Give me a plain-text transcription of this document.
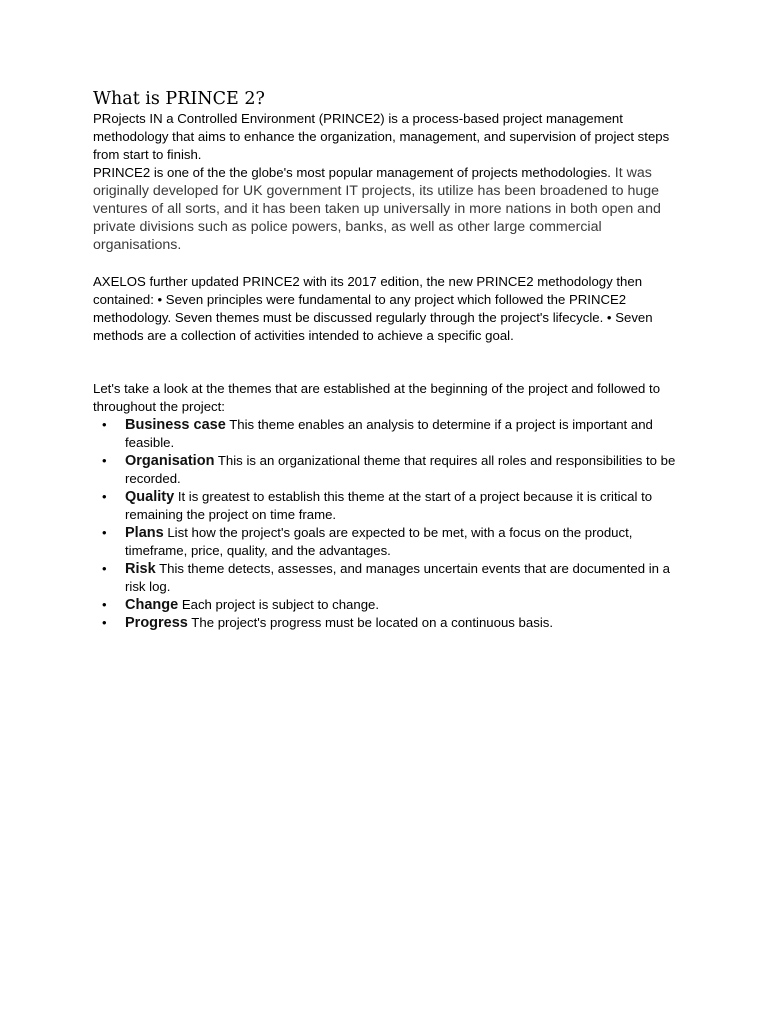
What is PRINCE 2?

PRojects IN a Controlled Environment (PRINCE2) is a process-based project management methodology that aims to enhance the organization, management, and supervision of project steps from start to finish.

PRINCE2 is one of the the globe's most popular management of projects methodologies. It was originally developed for UK government IT projects, its utilize has been broadened to huge ventures of all sorts, and it has been taken up universally in more nations in both open and private divisions such as police powers, banks, as well as other large commercial organisations.

AXELOS further updated PRINCE2 with its 2017 edition, the new PRINCE2 methodology then contained: • Seven principles were fundamental to any project which followed the PRINCE2 methodology. Seven themes must be discussed regularly through the project's lifecycle. • Seven methods are a collection of activities intended to achieve a specific goal.

Let's take a look at the themes that are established at the beginning of the project and followed to throughout the project:

• Business case This theme enables an analysis to determine if a project is important and feasible.
• Organisation This is an organizational theme that requires all roles and responsibilities to be recorded.
• Quality It is greatest to establish this theme at the start of a project because it is critical to remaining the project on time frame.
• Plans List how the project's goals are expected to be met, with a focus on the product, timeframe, price, quality, and the advantages.
• Risk This theme detects, assesses, and manages uncertain events that are documented in a risk log.
• Change Each project is subject to change.
• Progress The project's progress must be located on a continuous basis.
